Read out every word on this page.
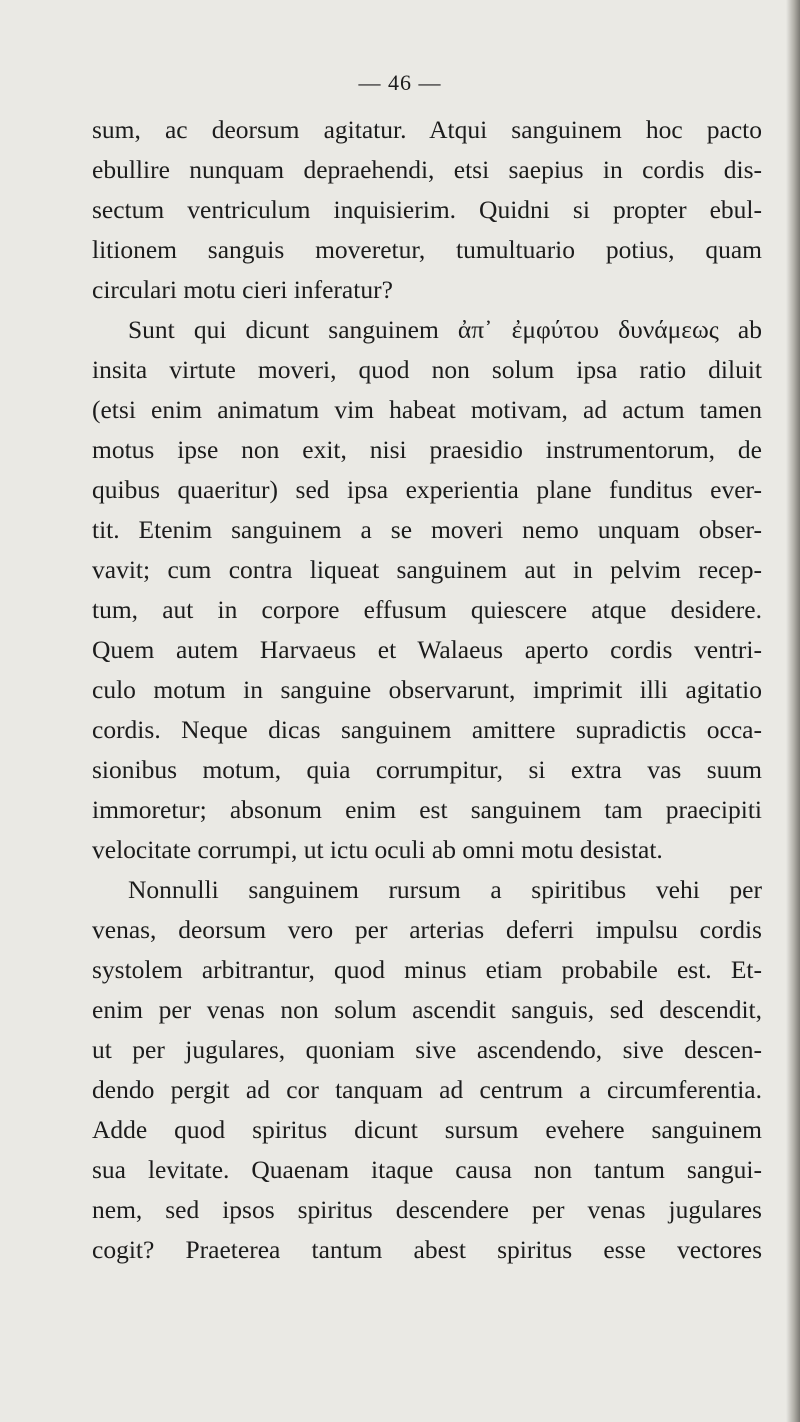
— 46 —
sum, ac deorsum agitatur. Atqui sanguinem hoc pacto
ebullire nunquam depraehendi, etsi saepius in cordis dis-
sectum ventriculum inquisierim. Quidni si propter ebul-
litionem sanguis moveretur, tumultuario potius, quam
circulari motu cieri inferatur?
Sunt qui dicunt sanguinem ἀπ᾿ ἐμφύτου δυνάμεως ab
insita virtute moveri, quod non solum ipsa ratio diluit
(etsi enim animatum vim habeat motivam, ad actum tamen
motus ipse non exit, nisi praesidio instrumentorum, de
quibus quaeritur) sed ipsa experientia plane funditus ever-
tit. Etenim sanguinem a se moveri nemo unquam obser-
vavit; cum contra liqueat sanguinem aut in pelvim recep-
tum, aut in corpore effusum quiescere atque desidere.
Quem autem Harvaeus et Walaeus aperto cordis ventri-
culo motum in sanguine observarunt, imprimit illi agitatio
cordis. Neque dicas sanguinem amittere supradictis occa-
sionibus motum, quia corrumpitur, si extra vas suum
immoretur; absonum enim est sanguinem tam praecipiti
velocitate corrumpi, ut ictu oculi ab omni motu desistat.
Nonnulli sanguinem rursum a spiritibus vehi per
venas, deorsum vero per arterias deferri impulsu cordis
systolem arbitrantur, quod minus etiam probabile est. Et-
enim per venas non solum ascendit sanguis, sed descendit,
ut per jugulares, quoniam sive ascendendo, sive descen-
dendo pergit ad cor tanquam ad centrum a circumferentia.
Adde quod spiritus dicunt sursum evehere sanguinem
sua levitate. Quaenam itaque causa non tantum sangui-
nem, sed ipsos spiritus descendere per venas jugulares
cogit? Praeterea tantum abest spiritus esse vectores
